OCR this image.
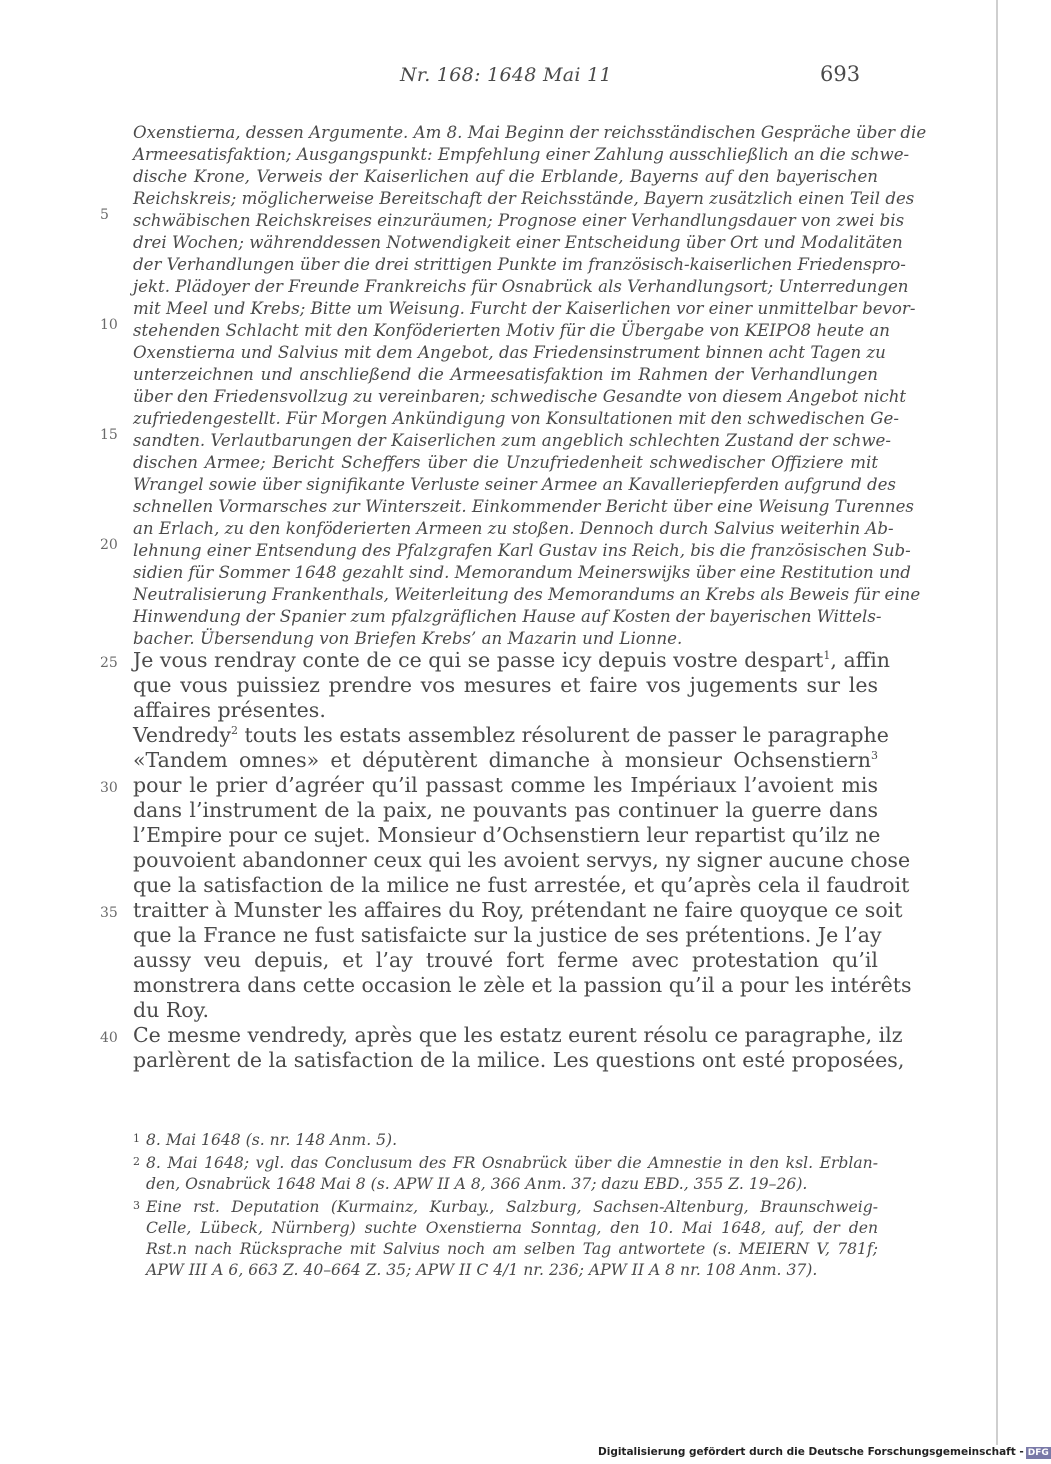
Nr. 168: 1648 Mai 11	693
Oxenstierna, dessen Argumente. Am 8. Mai Beginn der reichsständischen Gespräche über die
Armeesatisfaktion; Ausgangspunkt: Empfehlung einer Zahlung ausschließlich an die schwe-
dische Krone, Verweis der Kaiserlichen auf die Erblande, Bayerns auf den bayerischen
Reichskreis; möglicherweise Bereitschaft der Reichsstände, Bayern zusätzlich einen Teil des
schwäbischen Reichskreises einzuräumen; Prognose einer Verhandlungsdauer von zwei bis
drei Wochen; währenddessen Notwendigkeit einer Entscheidung über Ort und Modalitäten
der Verhandlungen über die drei strittigen Punkte im französisch-kaiserlichen Friedenspro-
jekt. Plädoyer der Freunde Frankreichs für Osnabrück als Verhandlungsort; Unterredungen
mit Meel und Krebs; Bitte um Weisung. Furcht der Kaiserlichen vor einer unmittelbar bevor-
stehenden Schlacht mit den Konföderierten Motiv für die Übergabe von KEIPO8 heute an
Oxenstierna und Salvius mit dem Angebot, das Friedensinstrument binnen acht Tagen zu
unterzeichnen und anschließend die Armeesatisfaktion im Rahmen der Verhandlungen
über den Friedensvollzug zu vereinbaren; schwedische Gesandte von diesem Angebot nicht
zufriedengestellt. Für Morgen Ankündigung von Konsultationen mit den schwedischen Ge-
sandten. Verlautbarungen der Kaiserlichen zum angeblich schlechten Zustand der schwe-
dischen Armee; Bericht Scheffers über die Unzufriedenheit schwedischer Offiziere mit
Wrangel sowie über signifikante Verluste seiner Armee an Kavalleriepferden aufgrund des
schnellen Vormarsches zur Winterszeit. Einkommender Bericht über eine Weisung Turennes
an Erlach, zu den konföderierten Armeen zu stoßen. Dennoch durch Salvius weiterhin Ab-
lehnung einer Entsendung des Pfalzgrafen Karl Gustav ins Reich, bis die französischen Sub-
sidien für Sommer 1648 gezahlt sind. Memorandum Meinerswijks über eine Restitution und
Neutralisierung Frankenthals, Weiterleitung des Memorandums an Krebs als Beweis für eine
Hinwendung der Spanier zum pfalzgräflichen Hause auf Kosten der bayerischen Wittels-
bacher. Übersendung von Briefen Krebs’ an Mazarin und Lionne.
5
10
15
20
Je vous rendray conte de ce qui se passe icy depuis vostre despart$^1$, affin
que vous puissiez prendre vos mesures et faire vos jugements sur les
affaires présentes.
Vendredy$^2$ touts les estats assemblez résolurent de passer le paragraphe
«Tandem omnes» et députèrent dimanche à monsieur Ochsenstiern$^3$
pour le prier d’agréer qu’il passast comme les Impériaux l’avoient mis
dans l’instrument de la paix, ne pouvants pas continuer la guerre dans
l’Empire pour ce sujet. Monsieur d’Ochsenstiern leur repartist qu’ilz ne
pouvoient abandonner ceux qui les avoient servys, ny signer aucune chose
que la satisfaction de la milice ne fust arrestée, et qu’après cela il faudroit
traitter à Munster les affaires du Roy, prétendant ne faire quoyque ce soit
que la France ne fust satisfaicte sur la justice de ses prétentions. Je l’ay
aussy veu depuis, et l’ay trouvé fort ferme avec protestation qu’il
monstrera dans cette occasion le zèle et la passion qu’il a pour les intérêts
du Roy.
Ce mesme vendredy, après que les estatz eurent résolu ce paragraphe, ilz
parlèrent de la satisfaction de la milice. Les questions ont esté proposées,
25
30
35
40
1 8. Mai 1648 (s. nr. 148 Anm. 5).
2 8. Mai 1648; vgl. das Conclusum des FR Osnabrück über die Amnestie in den ksl. Erblan-
den, Osnabrück 1648 Mai 8 (s. APW II A 8, 366 Anm. 37; dazu EBD., 355 Z. 19–26).
3 Eine rst. Deputation (Kurmainz, Kurbay., Salzburg, Sachsen-Altenburg, Braunschweig-
Celle, Lübeck, Nürnberg) suchte Oxenstierna Sonntag, den 10. Mai 1648, auf, der den
Rst.n nach Rücksprache mit Salvius noch am selben Tag antwortete (s. MEIERN V, 781f;
APW III A 6, 663 Z. 40–664 Z. 35; APW II C 4/1 nr. 236; APW II A 8 nr. 108 Anm. 37).
Digitalisierung gefördert durch die Deutsche Forschungsgemeinschaft - DFG
